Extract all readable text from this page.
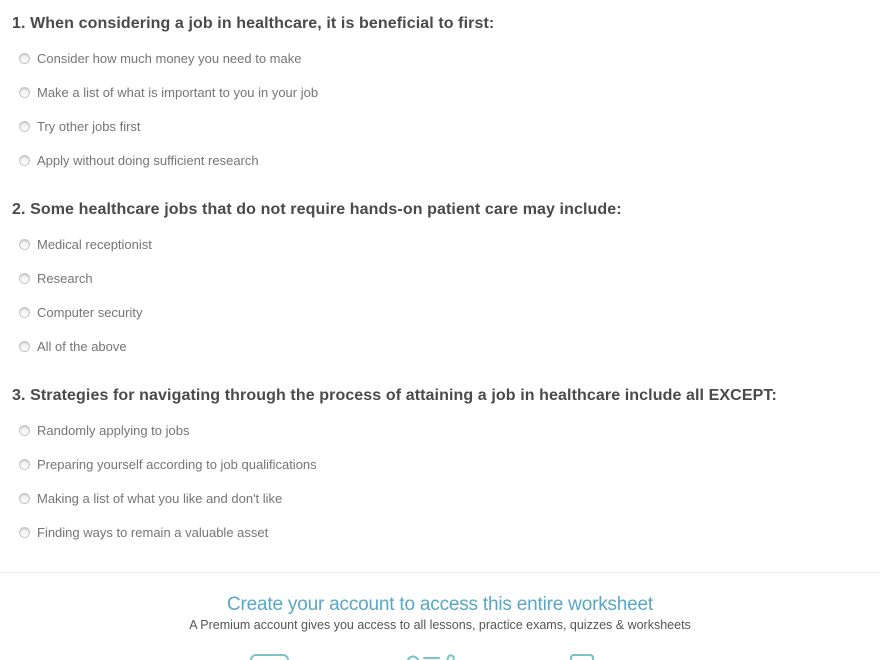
1. When considering a job in healthcare, it is beneficial to first:
Consider how much money you need to make
Make a list of what is important to you in your job
Try other jobs first
Apply without doing sufficient research
2. Some healthcare jobs that do not require hands-on patient care may include:
Medical receptionist
Research
Computer security
All of the above
3. Strategies for navigating through the process of attaining a job in healthcare include all EXCEPT:
Randomly applying to jobs
Preparing yourself according to job qualifications
Making a list of what you like and don't like
Finding ways to remain a valuable asset
Create your account to access this entire worksheet
A Premium account gives you access to all lessons, practice exams, quizzes & worksheets
